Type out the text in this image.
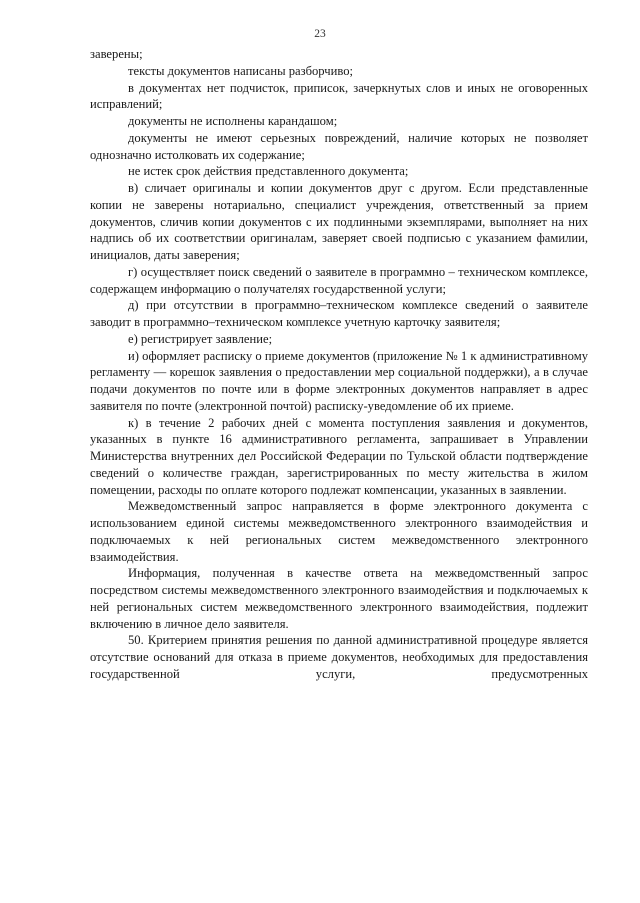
23

заверены;

тексты документов написаны разборчиво;

в документах нет подчисток, приписок, зачеркнутых слов и иных не оговоренных исправлений;

документы не исполнены карандашом;

документы не имеют серьезных повреждений, наличие которых не позволяет однозначно истолковать их содержание;

не истек срок действия представленного документа;

в) сличает оригиналы и копии документов друг с другом. Если представленные копии не заверены нотариально, специалист учреждения, ответственный за прием документов, сличив копии документов с их подлинными экземплярами, выполняет на них надпись об их соответствии оригиналам, заверяет своей подписью с указанием фамилии, инициалов, даты заверения;

г) осуществляет поиск сведений о заявителе в программно – техническом комплексе, содержащем информацию о получателях государственной услуги;

д) при отсутствии в программно–техническом комплексе сведений о заявителе заводит в программно–техническом комплексе учетную карточку заявителя;

е) регистрирует заявление;

и) оформляет расписку о приеме документов (приложение № 1 к административному регламенту — корешок заявления о предоставлении мер социальной поддержки), а в случае подачи документов по почте или в форме электронных документов направляет в адрес заявителя по почте (электронной почтой) расписку-уведомление об их приеме.

к) в течение 2 рабочих дней с момента поступления заявления и документов, указанных в пункте 16 административного регламента, запрашивает в Управлении Министерства внутренних дел Российской Федерации по Тульской области подтверждение сведений о количестве граждан, зарегистрированных по месту жительства в жилом помещении, расходы по оплате которого подлежат компенсации, указанных в заявлении.

Межведомственный запрос направляется в форме электронного документа с использованием единой системы межведомственного электронного взаимодействия и подключаемых к ней региональных систем межведомственного электронного взаимодействия.

Информация, полученная в качестве ответа на межведомственный запрос посредством системы межведомственного электронного взаимодействия и подключаемых к ней региональных систем межведомственного электронного взаимодействия, подлежит включению в личное дело заявителя.

50. Критерием принятия решения по данной административной процедуре является отсутствие оснований для отказа в приеме документов, необходимых для предоставления государственной услуги, предусмотренных
